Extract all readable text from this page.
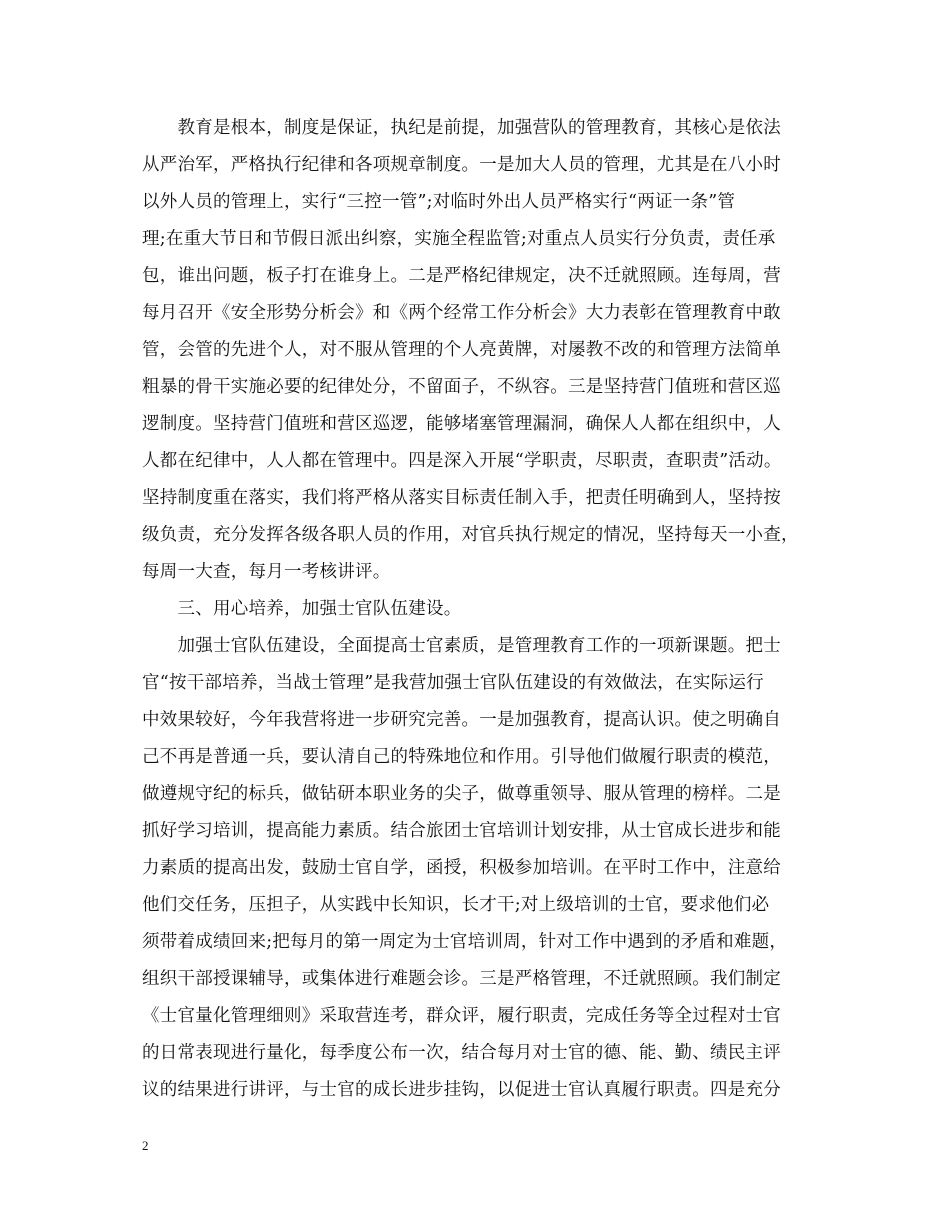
　　教育是根本，制度是保证，执纪是前提，加强营队的管理教育，其核心是依法
从严治军，严格执行纪律和各项规章制度。一是加大人员的管理，尤其是在八小时
以外人员的管理上，实行“三控一管”;对临时外出人员严格实行“两证一条”管
理;在重大节日和节假日派出纠察，实施全程监管;对重点人员实行分负责，责任承
包，谁出问题，板子打在谁身上。二是严格纪律规定，决不迁就照顾。连每周，营
每月召开《安全形势分析会》和《两个经常工作分析会》大力表彰在管理教育中敢
管，会管的先进个人，对不服从管理的个人亮黄牌，对屡教不改的和管理方法简单
粗暴的骨干实施必要的纪律处分，不留面子，不纵容。三是坚持营门值班和营区巡
逻制度。坚持营门值班和营区巡逻，能够堵塞管理漏洞，确保人人都在组织中，人
人都在纪律中，人人都在管理中。四是深入开展“学职责，尽职责，查职责”活动。
坚持制度重在落实，我们将严格从落实目标责任制入手，把责任明确到人，坚持按
级负责，充分发挥各级各职人员的作用，对官兵执行规定的情况，坚持每天一小查，
每周一大查，每月一考核讲评。
　　三、用心培养，加强士官队伍建设。
　　加强士官队伍建设，全面提高士官素质，是管理教育工作的一项新课题。把士
官“按干部培养，当战士管理”是我营加强士官队伍建设的有效做法，在实际运行
中效果较好，今年我营将进一步研究完善。一是加强教育，提高认识。使之明确自
己不再是普通一兵，要认清自己的特殊地位和作用。引导他们做履行职责的模范，
做遵规守纪的标兵，做钻研本职业务的尖子，做尊重领导、服从管理的榜样。二是
抓好学习培训，提高能力素质。结合旅团士官培训计划安排，从士官成长进步和能
力素质的提高出发，鼓励士官自学，函授，积极参加培训。在平时工作中，注意给
他们交任务，压担子，从实践中长知识，长才干;对上级培训的士官，要求他们必
须带着成绩回来;把每月的第一周定为士官培训周，针对工作中遇到的矛盾和难题，
组织干部授课辅导，或集体进行难题会诊。三是严格管理，不迁就照顾。我们制定
《士官量化管理细则》采取营连考，群众评，履行职责，完成任务等全过程对士官
的日常表现进行量化，每季度公布一次，结合每月对士官的德、能、勤、绩民主评
议的结果进行讲评，与士官的成长进步挂钩，以促进士官认真履行职责。四是充分
2
